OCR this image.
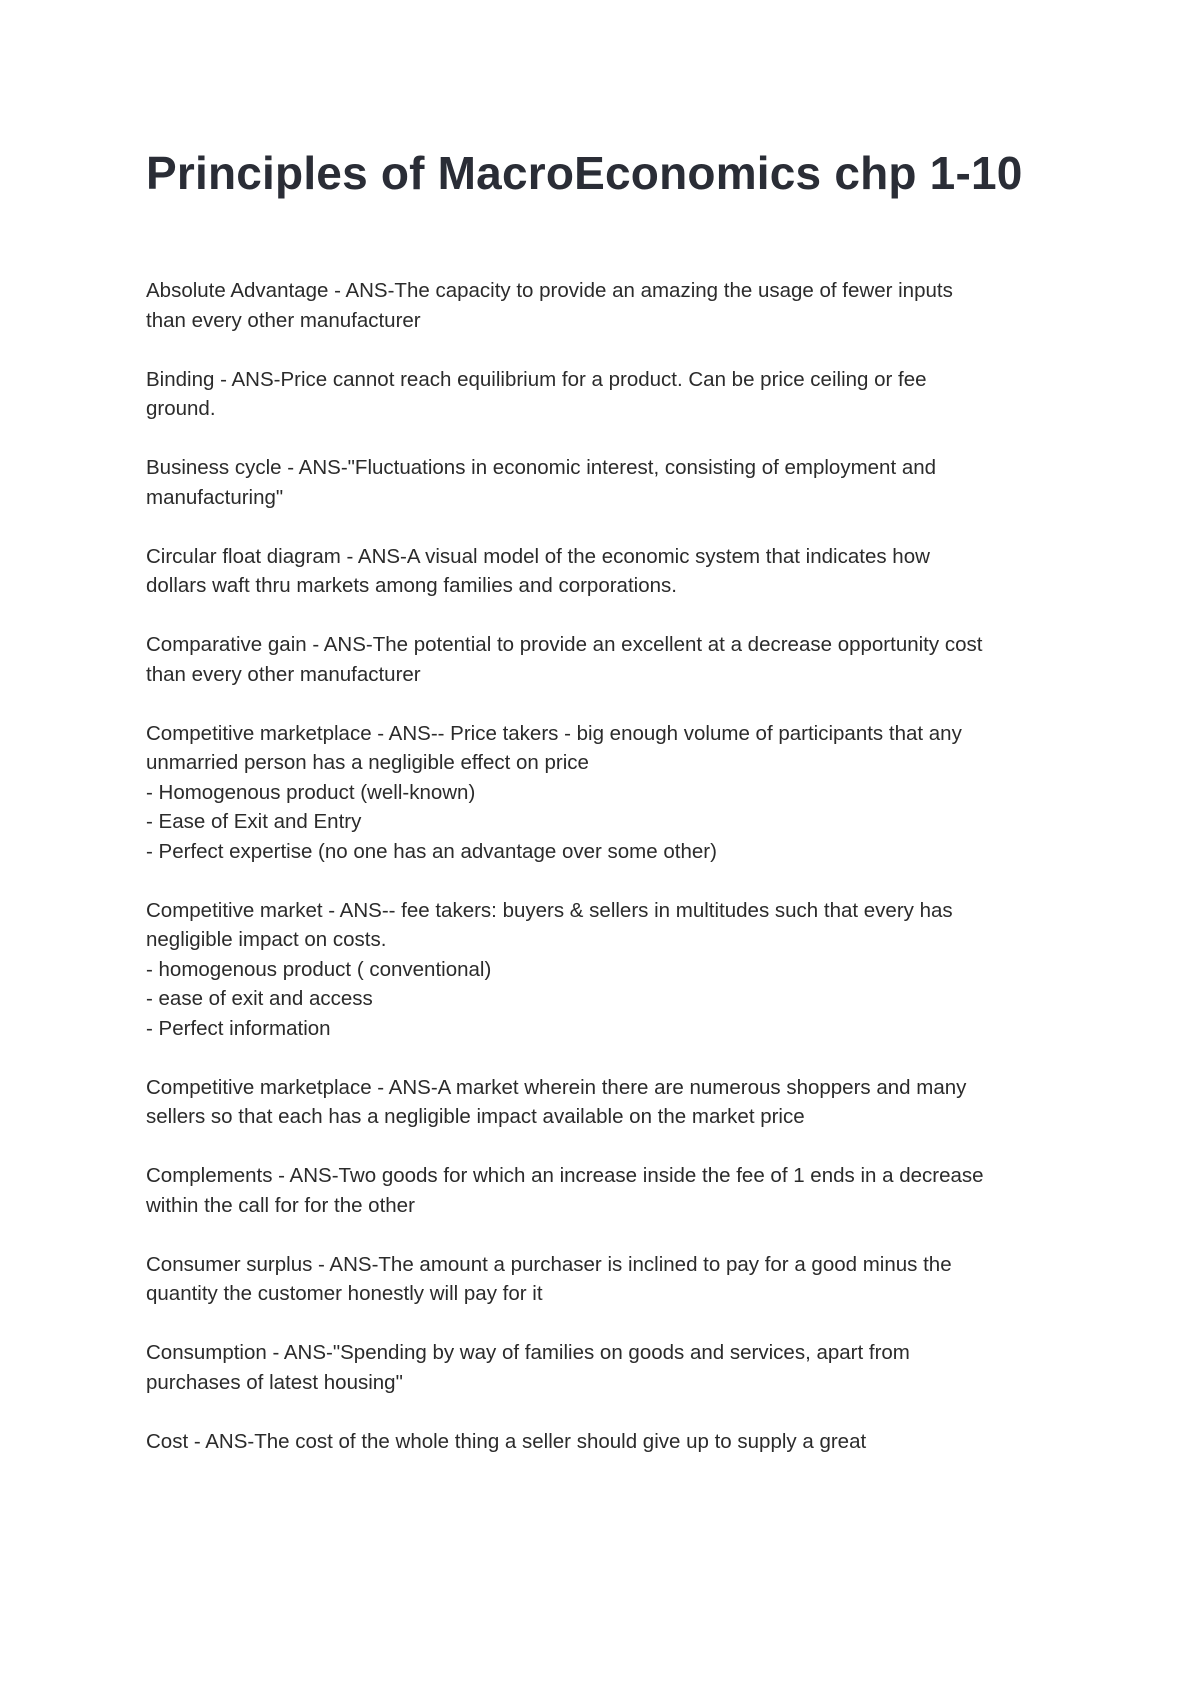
Principles of MacroEconomics chp 1-10

Absolute Advantage - ANS-The capacity to provide an amazing the usage of fewer inputs
than every other manufacturer

Binding - ANS-Price cannot reach equilibrium for a product. Can be price ceiling or fee
ground.

Business cycle - ANS-"Fluctuations in economic interest, consisting of employment and
manufacturing"

Circular float diagram - ANS-A visual model of the economic system that indicates how
dollars waft thru markets among families and corporations.

Comparative gain - ANS-The potential to provide an excellent at a decrease opportunity cost
than every other manufacturer

Competitive marketplace - ANS-- Price takers - big enough volume of participants that any
unmarried person has a negligible effect on price
- Homogenous product (well-known)
- Ease of Exit and Entry
- Perfect expertise (no one has an advantage over some other)

Competitive market - ANS-- fee takers: buyers & sellers in multitudes such that every has
negligible impact on costs.
- homogenous product ( conventional)
- ease of exit and access
- Perfect information

Competitive marketplace - ANS-A market wherein there are numerous shoppers and many
sellers so that each has a negligible impact available on the market price

Complements - ANS-Two goods for which an increase inside the fee of 1 ends in a decrease
within the call for for the other

Consumer surplus - ANS-The amount a purchaser is inclined to pay for a good minus the
quantity the customer honestly will pay for it

Consumption - ANS-"Spending by way of families on goods and services, apart from
purchases of latest housing"

Cost - ANS-The cost of the whole thing a seller should give up to supply a great
